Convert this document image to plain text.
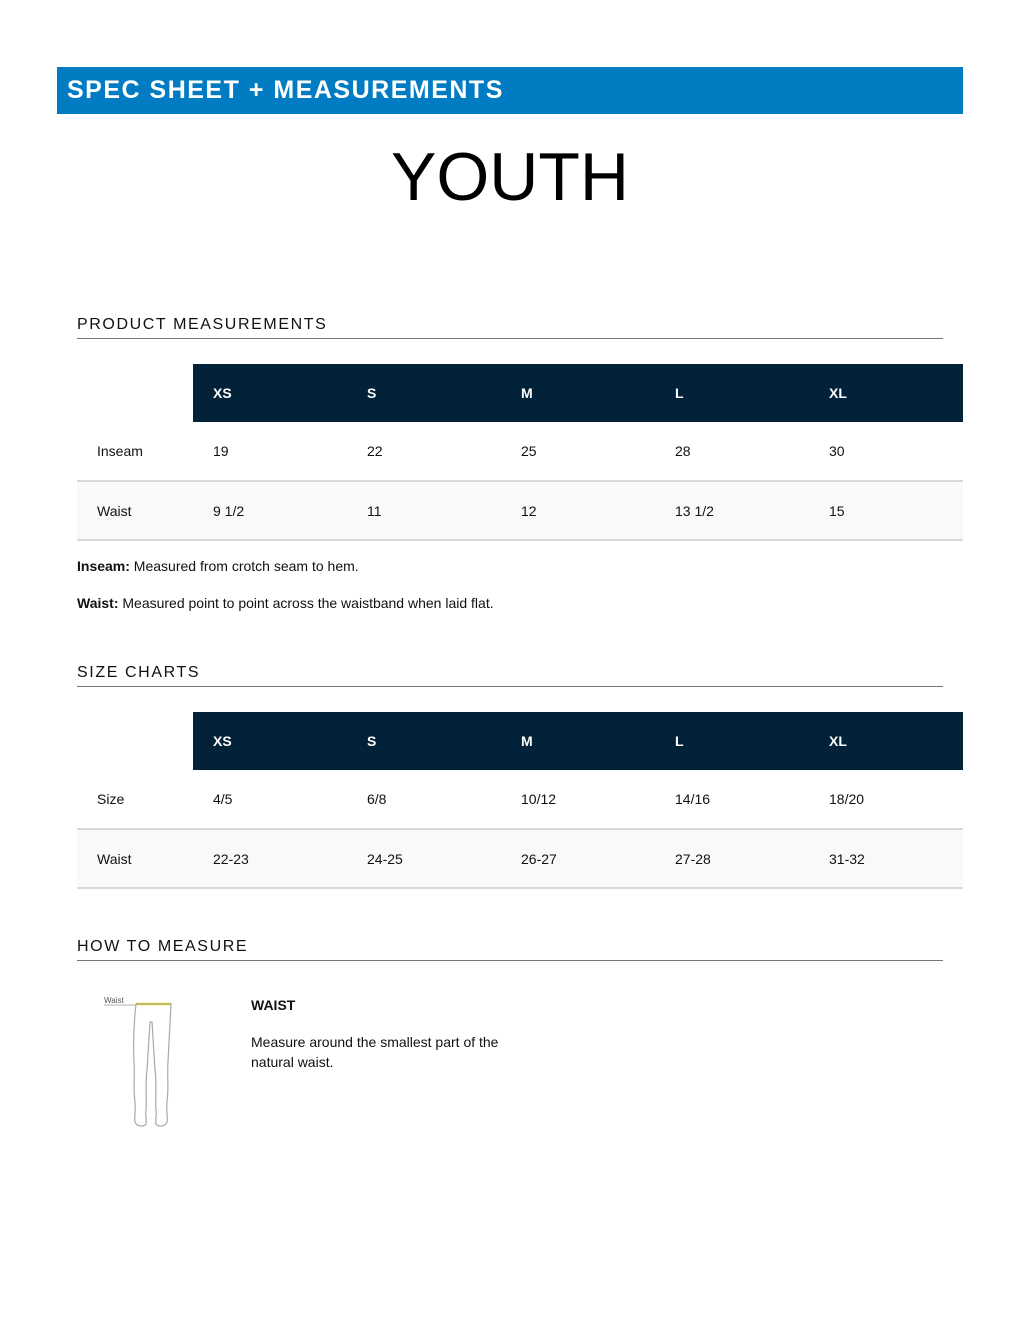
SPEC SHEET + MEASUREMENTS
YOUTH
PRODUCT MEASUREMENTS
	XS	S	M	L	XL
Inseam	19	22	25	28	30
Waist	9 1/2	11	12	13 1/2	15
Inseam: Measured from crotch seam to hem.
Waist: Measured point to point across the waistband when laid flat.
SIZE CHARTS
	XS	S	M	L	XL
Size	4/5	6/8	10/12	14/16	18/20
Waist	22-23	24-25	26-27	27-28	31-32
HOW TO MEASURE
Waist	WAIST
Measure around the smallest part of the natural waist.
